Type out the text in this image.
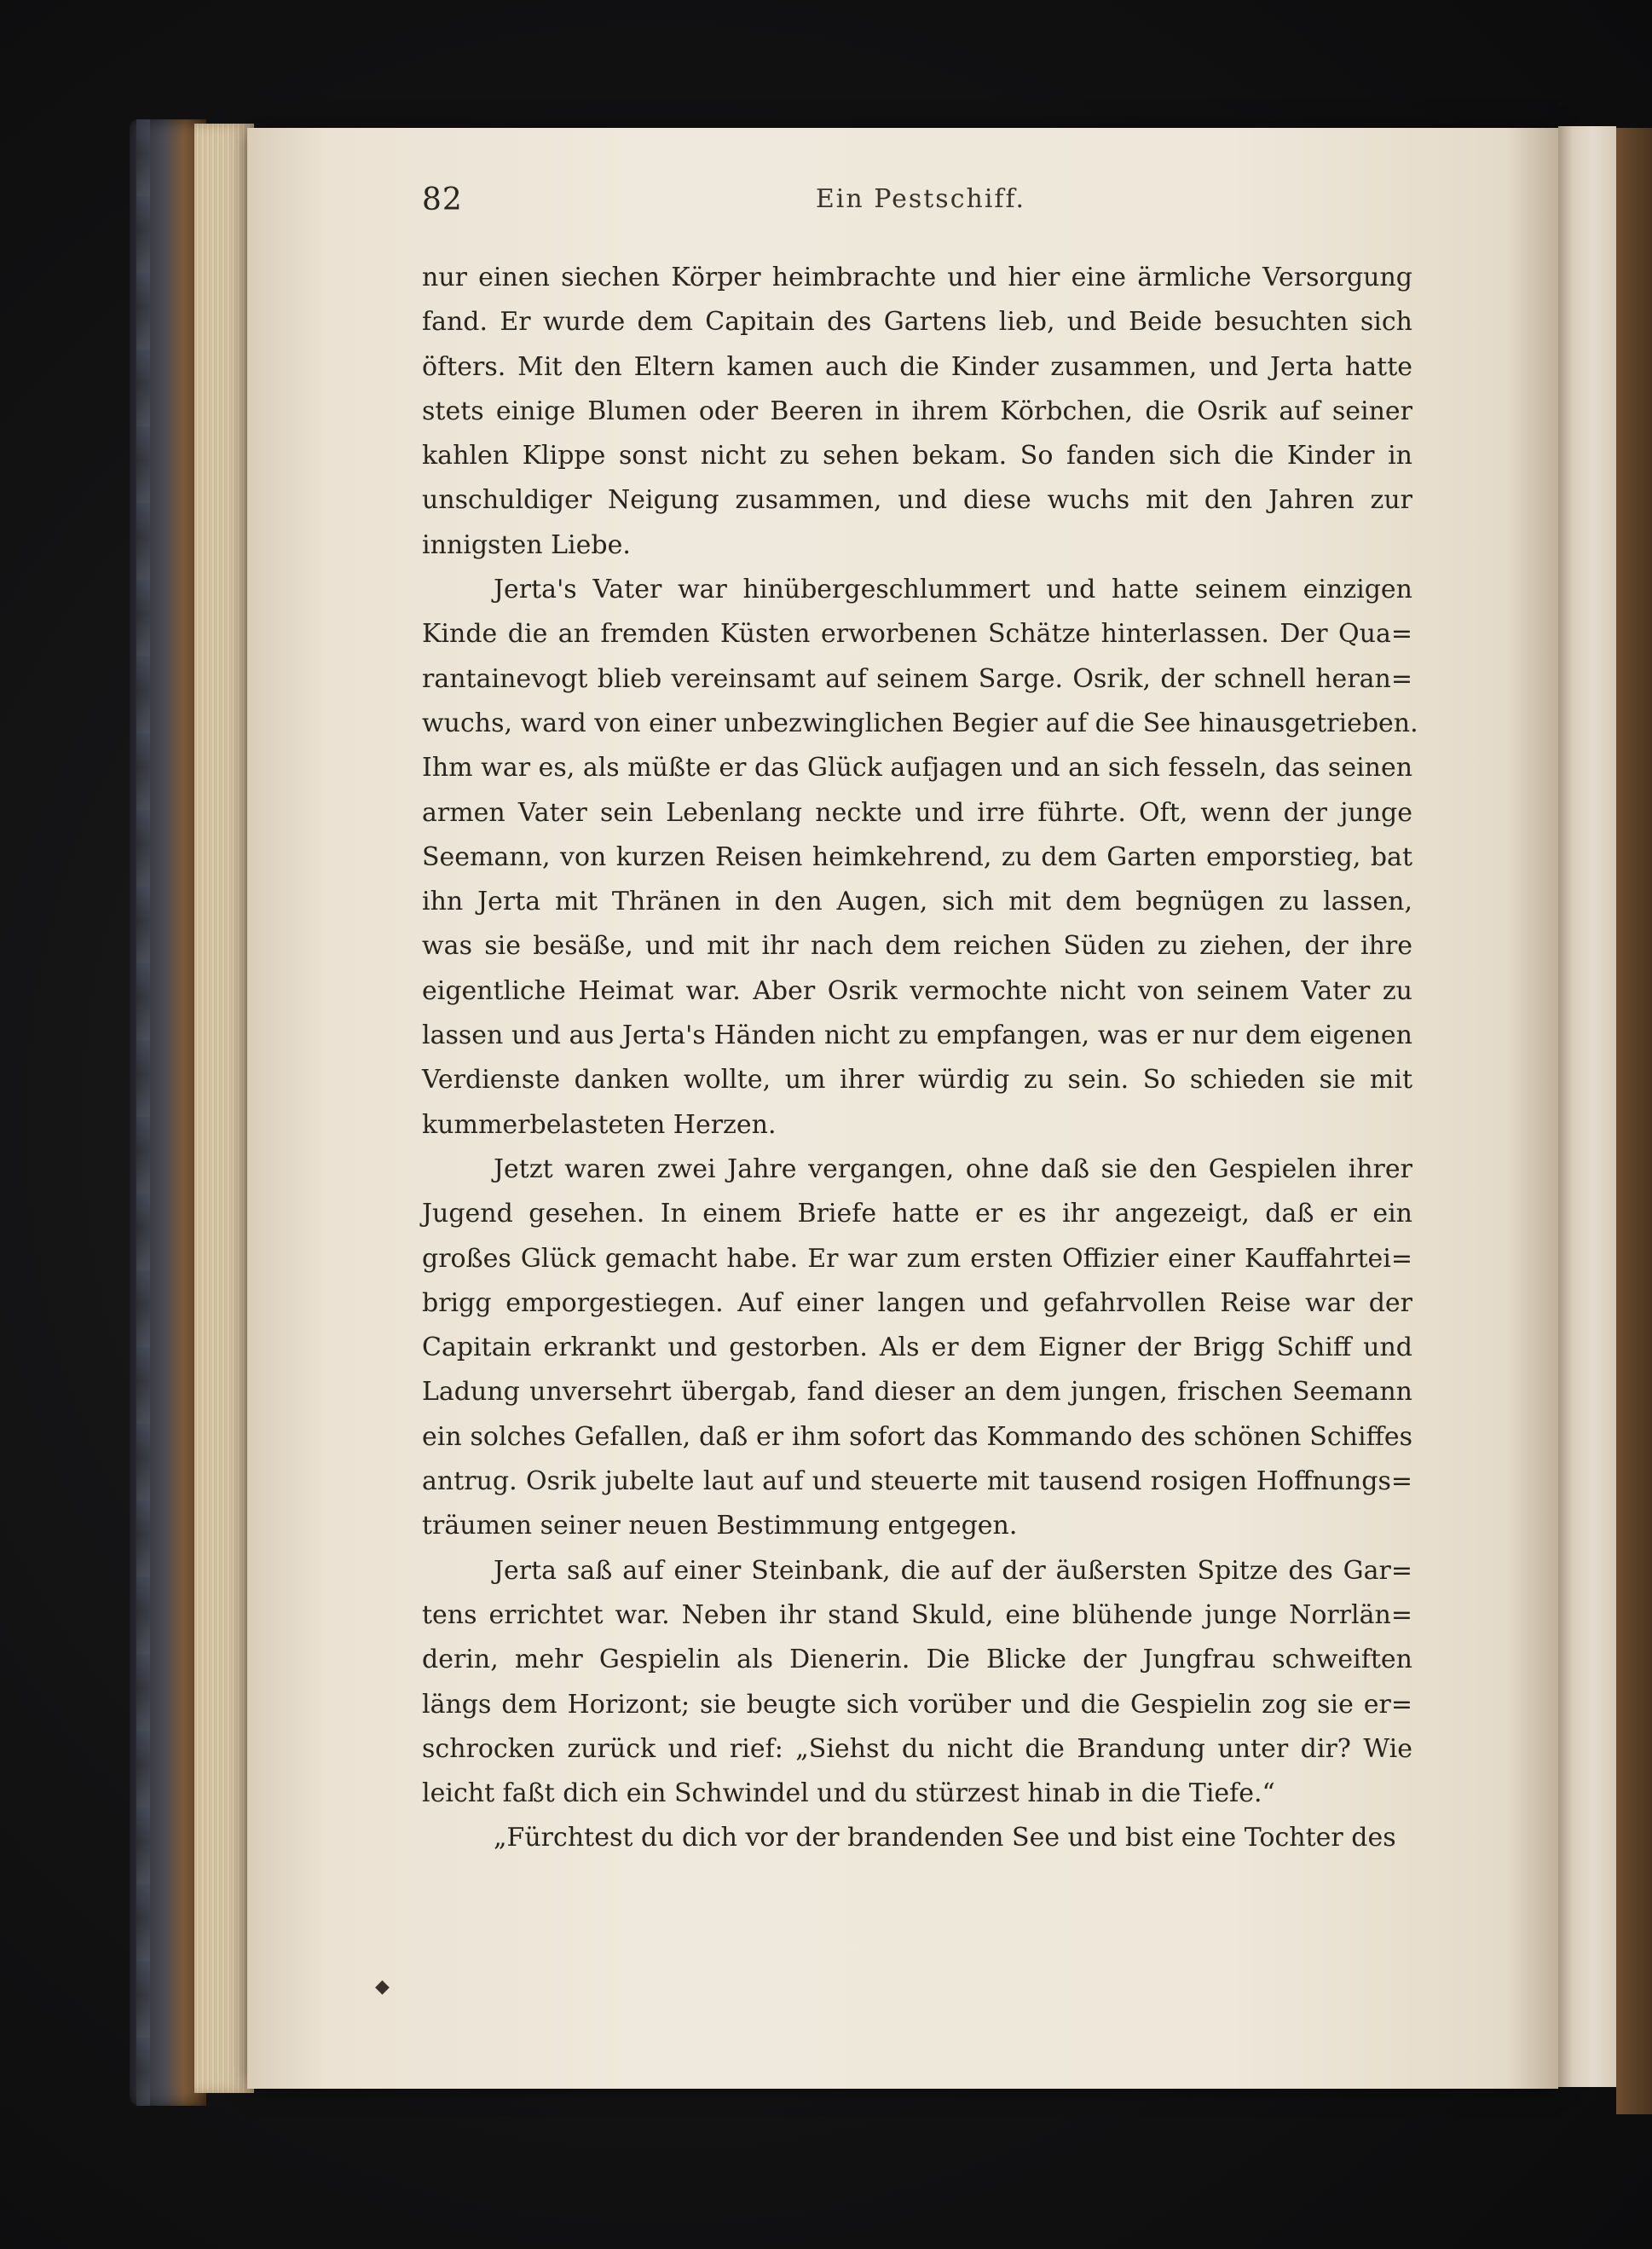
82	Ein Pestschiff.
nur einen siechen Körper heimbrachte und hier eine ärmliche Versorgung
fand. Er wurde dem Capitain des Gartens lieb, und Beide besuchten sich
öfters. Mit den Eltern kamen auch die Kinder zusammen, und Jerta hatte
stets einige Blumen oder Beeren in ihrem Körbchen, die Osrik auf seiner
kahlen Klippe sonst nicht zu sehen bekam. So fanden sich die Kinder in
unschuldiger Neigung zusammen, und diese wuchs mit den Jahren zur
innigsten Liebe.
Jerta's Vater war hinübergeschlummert und hatte seinem einzigen
Kinde die an fremden Küsten erworbenen Schätze hinterlassen. Der Qua=
rantainevogt blieb vereinsamt auf seinem Sarge. Osrik, der schnell heran=
wuchs, ward von einer unbezwinglichen Begier auf die See hinausgetrieben.
Ihm war es, als müßte er das Glück aufjagen und an sich fesseln, das seinen
armen Vater sein Lebenlang neckte und irre führte. Oft, wenn der junge
Seemann, von kurzen Reisen heimkehrend, zu dem Garten emporstieg, bat
ihn Jerta mit Thränen in den Augen, sich mit dem begnügen zu lassen,
was sie besäße, und mit ihr nach dem reichen Süden zu ziehen, der ihre
eigentliche Heimat war. Aber Osrik vermochte nicht von seinem Vater zu
lassen und aus Jerta's Händen nicht zu empfangen, was er nur dem eigenen
Verdienste danken wollte, um ihrer würdig zu sein. So schieden sie mit
kummerbelasteten Herzen.
Jetzt waren zwei Jahre vergangen, ohne daß sie den Gespielen ihrer
Jugend gesehen. In einem Briefe hatte er es ihr angezeigt, daß er ein
großes Glück gemacht habe. Er war zum ersten Offizier einer Kauffahrtei=
brigg emporgestiegen. Auf einer langen und gefahrvollen Reise war der
Capitain erkrankt und gestorben. Als er dem Eigner der Brigg Schiff und
Ladung unversehrt übergab, fand dieser an dem jungen, frischen Seemann
ein solches Gefallen, daß er ihm sofort das Kommando des schönen Schiffes
antrug. Osrik jubelte laut auf und steuerte mit tausend rosigen Hoffnungs=
träumen seiner neuen Bestimmung entgegen.
Jerta saß auf einer Steinbank, die auf der äußersten Spitze des Gar=
tens errichtet war. Neben ihr stand Skuld, eine blühende junge Norrlän=
derin, mehr Gespielin als Dienerin. Die Blicke der Jungfrau schweiften
längs dem Horizont; sie beugte sich vorüber und die Gespielin zog sie er=
schrocken zurück und rief: „Siehst du nicht die Brandung unter dir? Wie
leicht faßt dich ein Schwindel und du stürzest hinab in die Tiefe.“
„Fürchtest du dich vor der brandenden See und bist eine Tochter des
◆
